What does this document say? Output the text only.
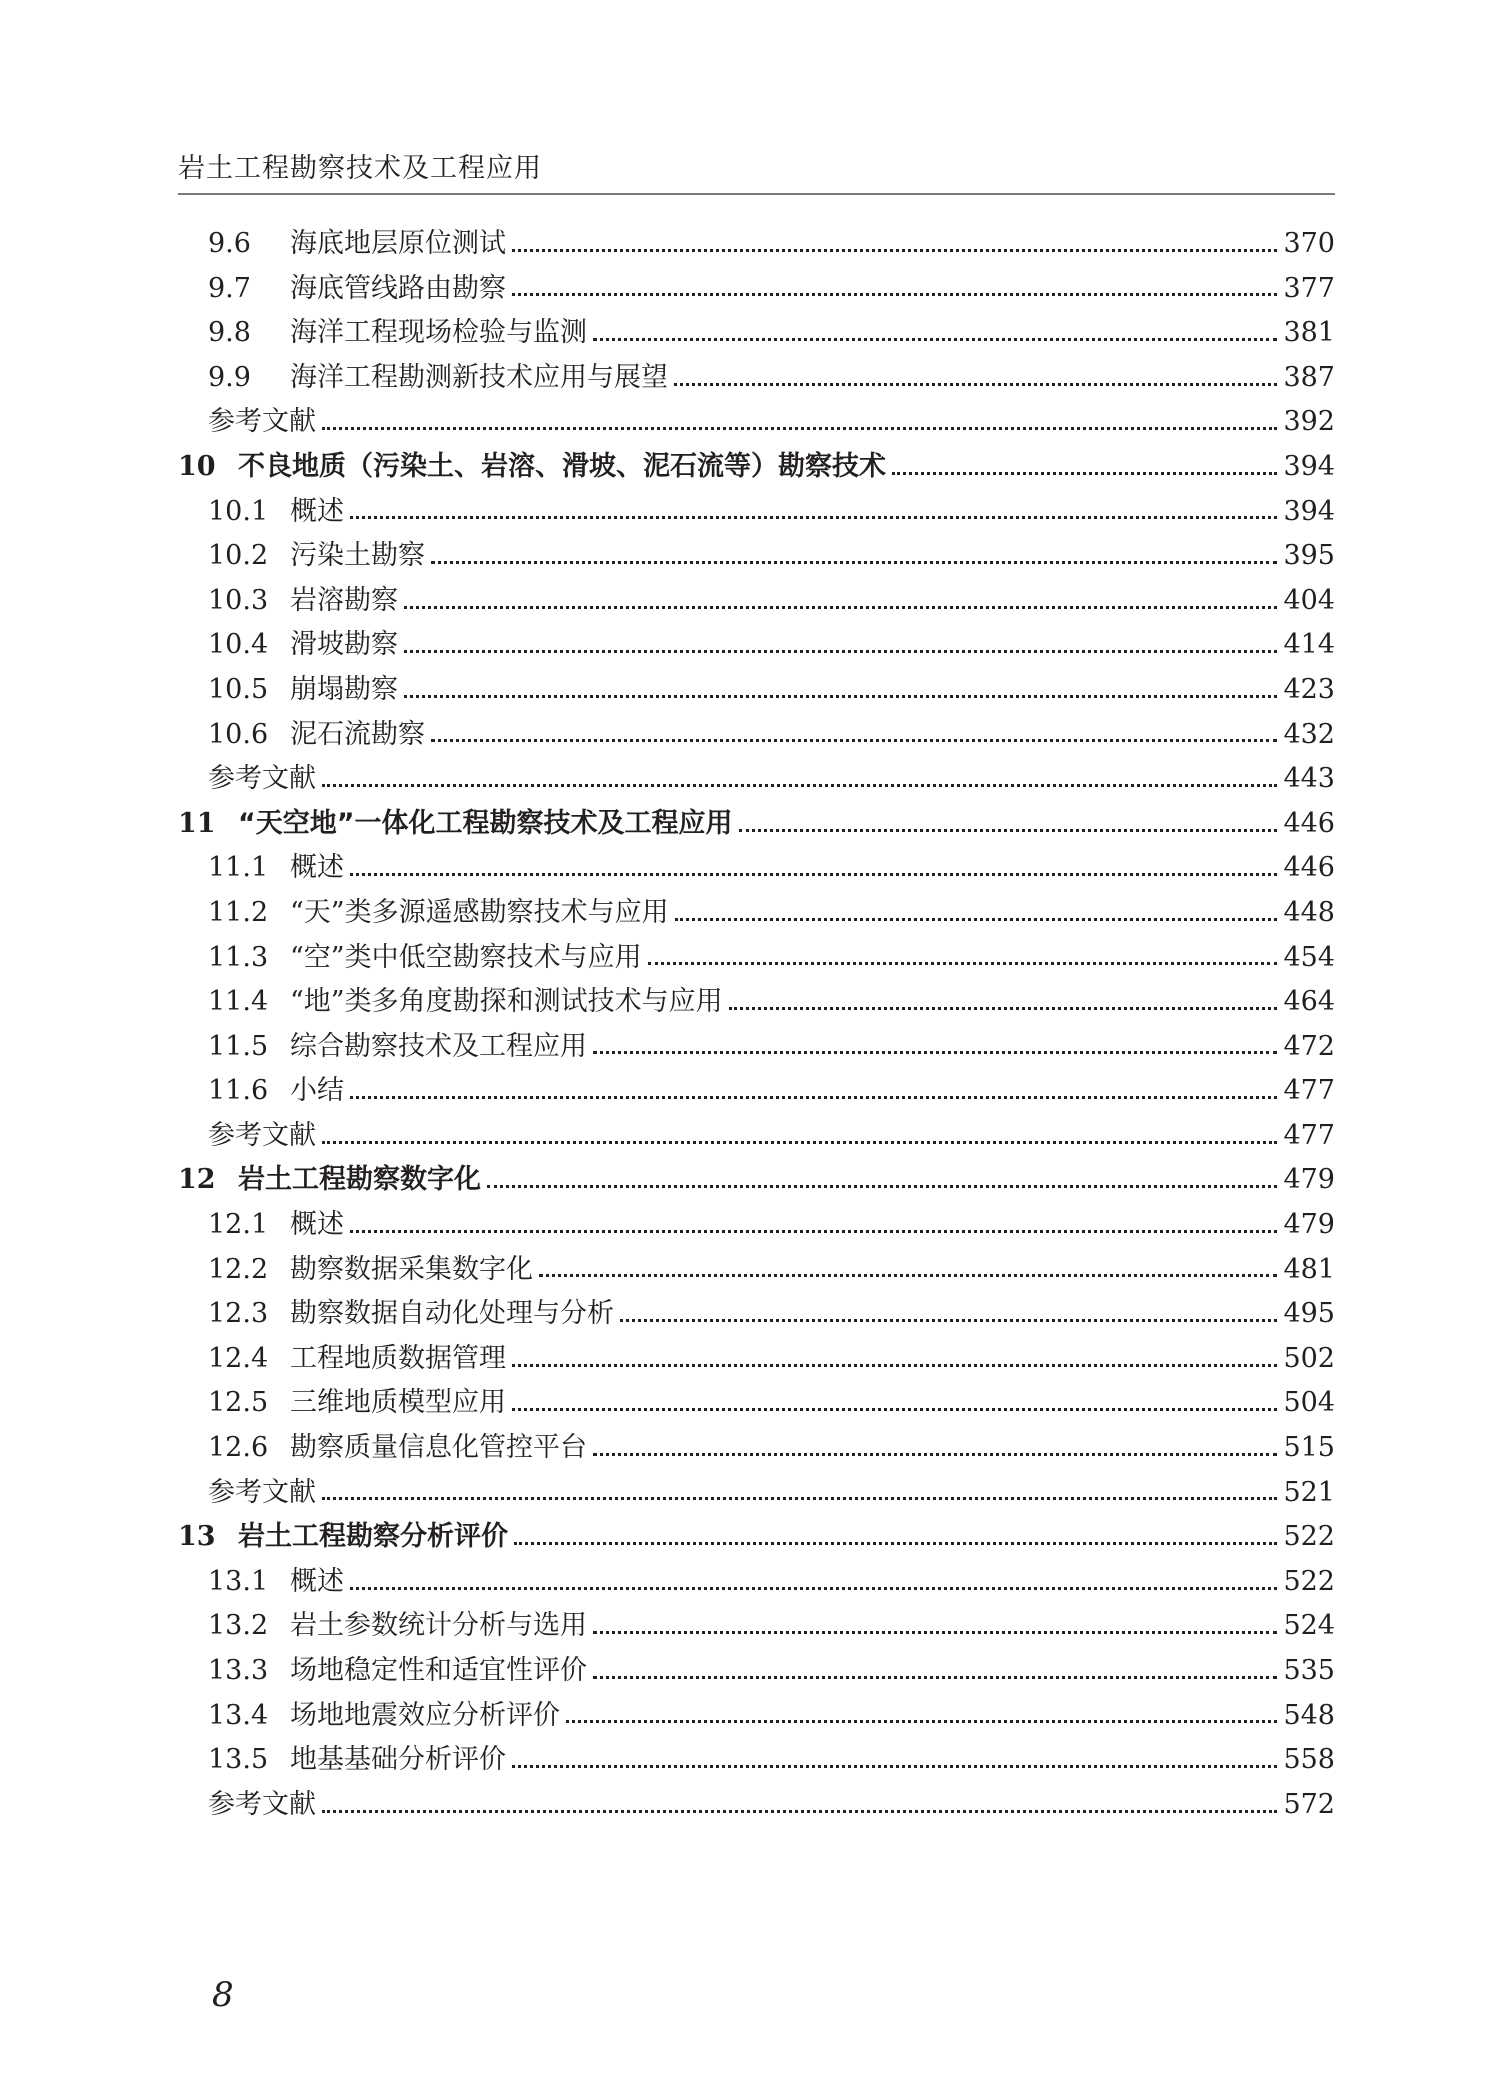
岩土工程勘察技术及工程应用
9.6	海底地层原位测试	370
9.7	海底管线路由勘察	377
9.8	海洋工程现场检验与监测	381
9.9	海洋工程勘测新技术应用与展望	387
参考文献	392
10 不良地质（污染土、岩溶、滑坡、泥石流等）勘察技术	394
10.1 概述	394
10.2 污染土勘察	395
10.3 岩溶勘察	404
10.4 滑坡勘察	414
10.5 崩塌勘察	423
10.6 泥石流勘察	432
参考文献	443
11 “天空地”一体化工程勘察技术及工程应用	446
11.1 概述	446
11.2 “天”类多源遥感勘察技术与应用	448
11.3 “空”类中低空勘察技术与应用	454
11.4 “地”类多角度勘探和测试技术与应用	464
11.5 综合勘察技术及工程应用	472
11.6 小结	477
参考文献	477
12 岩土工程勘察数字化	479
12.1 概述	479
12.2 勘察数据采集数字化	481
12.3 勘察数据自动化处理与分析	495
12.4 工程地质数据管理	502
12.5 三维地质模型应用	504
12.6 勘察质量信息化管控平台	515
参考文献	521
13 岩土工程勘察分析评价	522
13.1 概述	522
13.2 岩土参数统计分析与选用	524
13.3 场地稳定性和适宜性评价	535
13.4 场地地震效应分析评价	548
13.5 地基基础分析评价	558
参考文献	572
8
